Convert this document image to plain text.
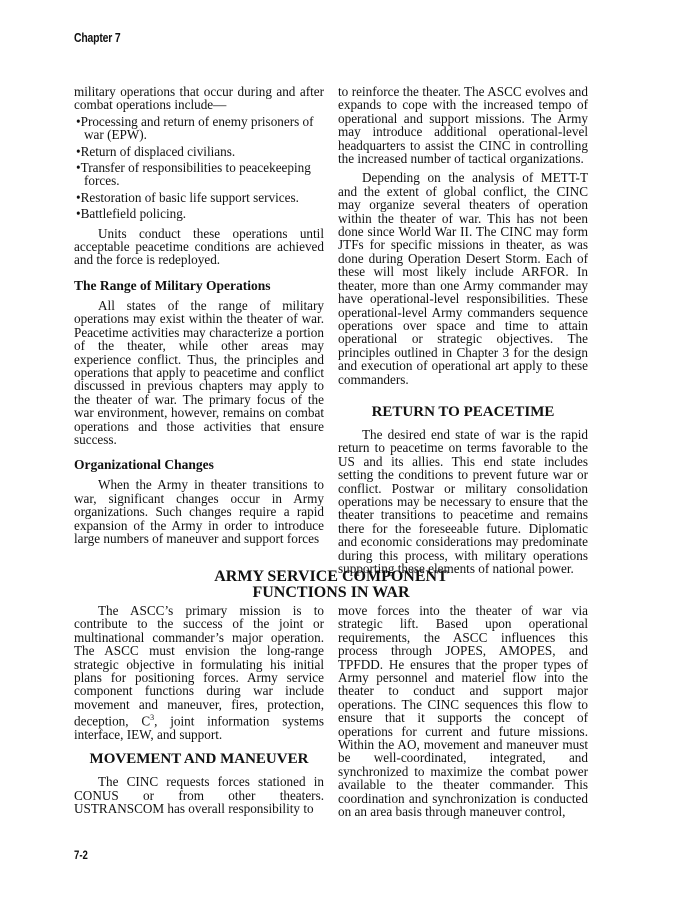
Chapter 7

military operations that occur during and after combat operations include—

•Processing and return of enemy prisoners of war (EPW).

•Return of displaced civilians.

•Transfer of responsibilities to peacekeeping forces.

•Restoration of basic life support services.

•Battlefield policing.

Units conduct these operations until acceptable peacetime conditions are achieved and the force is redeployed.

The Range of Military Operations

All states of the range of military operations may exist within the theater of war. Peacetime activities may characterize a portion of the theater, while other areas may experience conflict. Thus, the principles and operations that apply to peacetime and conflict discussed in previous chapters may apply to the theater of war. The primary focus of the war environment, however, remains on combat operations and those activities that ensure success.

Organizational Changes

When the Army in theater transitions to war, significant changes occur in Army organizations. Such changes require a rapid expansion of the Army in order to introduce large numbers of maneuver and support forces

to reinforce the theater. The ASCC evolves and expands to cope with the increased tempo of operational and support missions. The Army may introduce additional operational-level headquarters to assist the CINC in controlling the increased number of tactical organizations.

Depending on the analysis of METT-T and the extent of global conflict, the CINC may organize several theaters of operation within the theater of war. This has not been done since World War II. The CINC may form JTFs for specific missions in theater, as was done during Operation Desert Storm. Each of these will most likely include ARFOR. In theater, more than one Army commander may have operational-level responsibilities. These operational-level Army commanders sequence operations over space and time to attain operational or strategic objectives. The principles outlined in Chapter 3 for the design and execution of operational art apply to these commanders.

RETURN TO PEACETIME

The desired end state of war is the rapid return to peacetime on terms favorable to the US and its allies. This end state includes setting the conditions to prevent future war or conflict. Postwar or military consolidation operations may be necessary to ensure that the theater transitions to peacetime and remains there for the foreseeable future. Diplomatic and economic considerations may predominate during this process, with military operations supporting these elements of national power.

ARMY SERVICE COMPONENT
FUNCTIONS IN WAR

The ASCC’s primary mission is to contribute to the success of the joint or multinational commander’s major operation. The ASCC must envision the long-range strategic objective in formulating his initial plans for positioning forces. Army service component functions during war include movement and maneuver, fires, protection, deception, $C^3$, joint information systems interface, IEW, and support.

MOVEMENT AND MANEUVER

The CINC requests forces stationed in CONUS or from other theaters. USTRANSCOM has overall responsibility to

move forces into the theater of war via strategic lift. Based upon operational requirements, the ASCC influences this process through JOPES, AMOPES, and TPFDD. He ensures that the proper types of Army personnel and materiel flow into the theater to conduct and support major operations. The CINC sequences this flow to ensure that it supports the concept of operations for current and future missions. Within the AO, movement and maneuver must be well-coordinated, integrated, and synchronized to maximize the combat power available to the theater commander. This coordination and synchronization is conducted on an area basis through maneuver control,

7-2
